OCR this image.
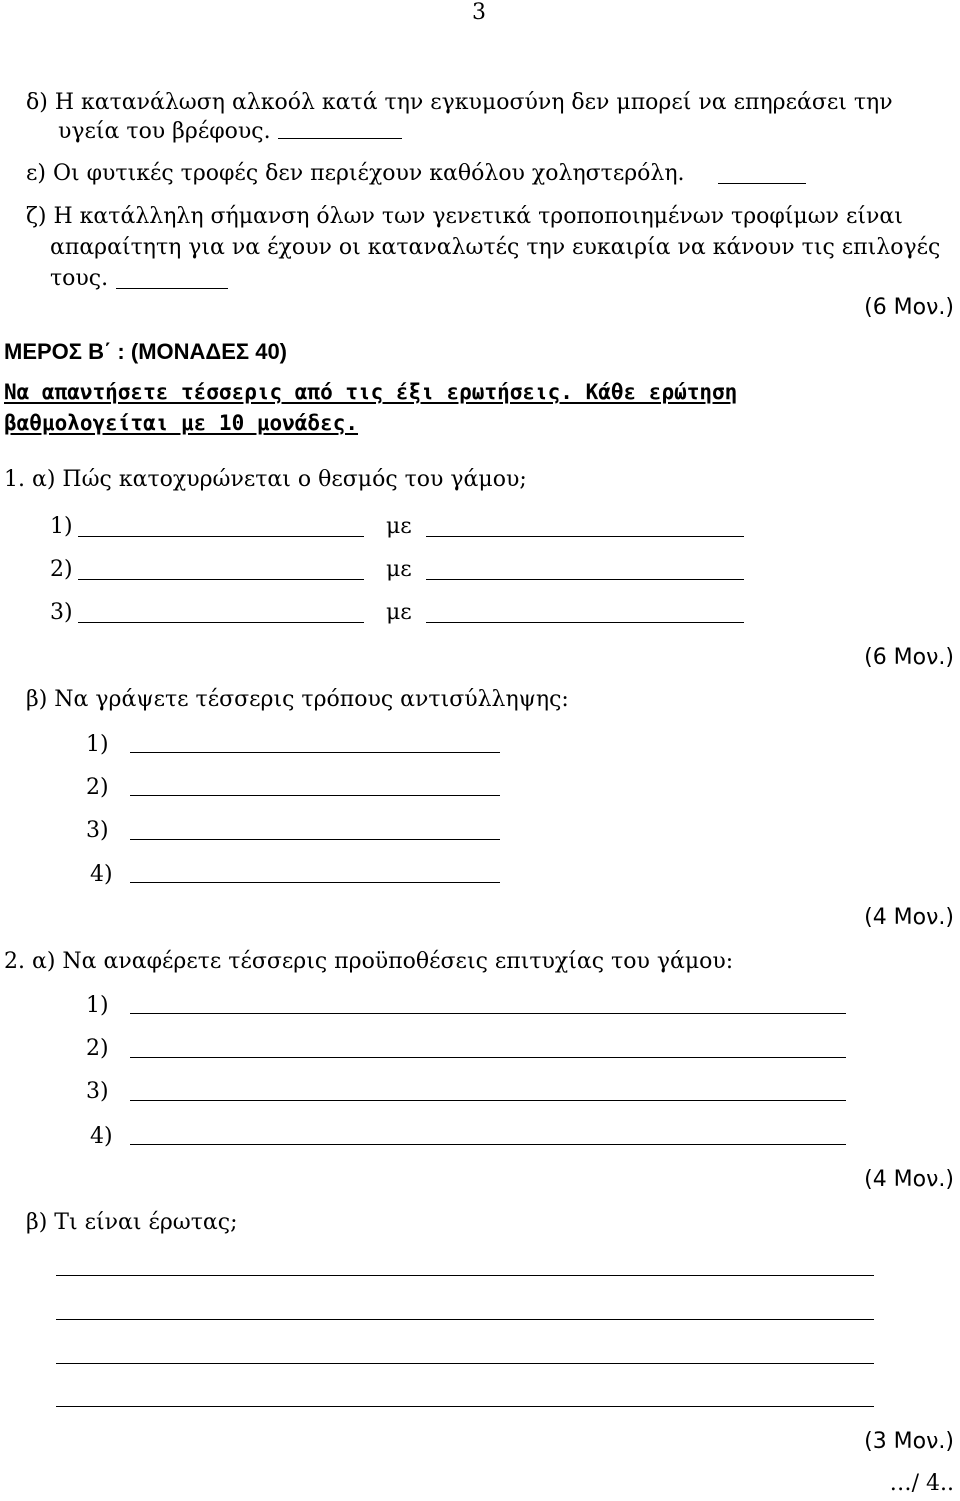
3
δ) Η κατανάλωση αλκοόλ κατά την εγκυμοσύνη δεν μπορεί να επηρεάσει την
υγεία του βρέφους.
ε) Οι φυτικές τροφές δεν περιέχουν καθόλου χοληστερόλη.
ζ) Η κατάλληλη σήμανση όλων των γενετικά τροποποιημένων τροφίμων είναι
απαραίτητη για να έχουν οι καταναλωτές την ευκαιρία να κάνουν τις επιλογές
τους.
(6 Μον.)
ΜΕΡΟΣ Β΄ : (ΜΟΝΑΔΕΣ 40)
Να απαντήσετε τέσσερις από τις έξι ερωτήσεις. Κάθε ερώτηση
βαθμολογείται με 10 μονάδες.
1. α) Πώς κατοχυρώνεται ο θεσμός του γάμου;
1)	με
2)	με
3)	με
(6 Μον.)
β) Να γράψετε τέσσερις τρόπους αντισύλληψης:
1)
2)
3)
4)
(4 Μον.)
2. α) Να αναφέρετε τέσσερις προϋποθέσεις επιτυχίας του γάμου:
1)
2)
3)
4)
(4 Μον.)
β) Τι είναι έρωτας;
(3 Μον.)
…/ 4..
